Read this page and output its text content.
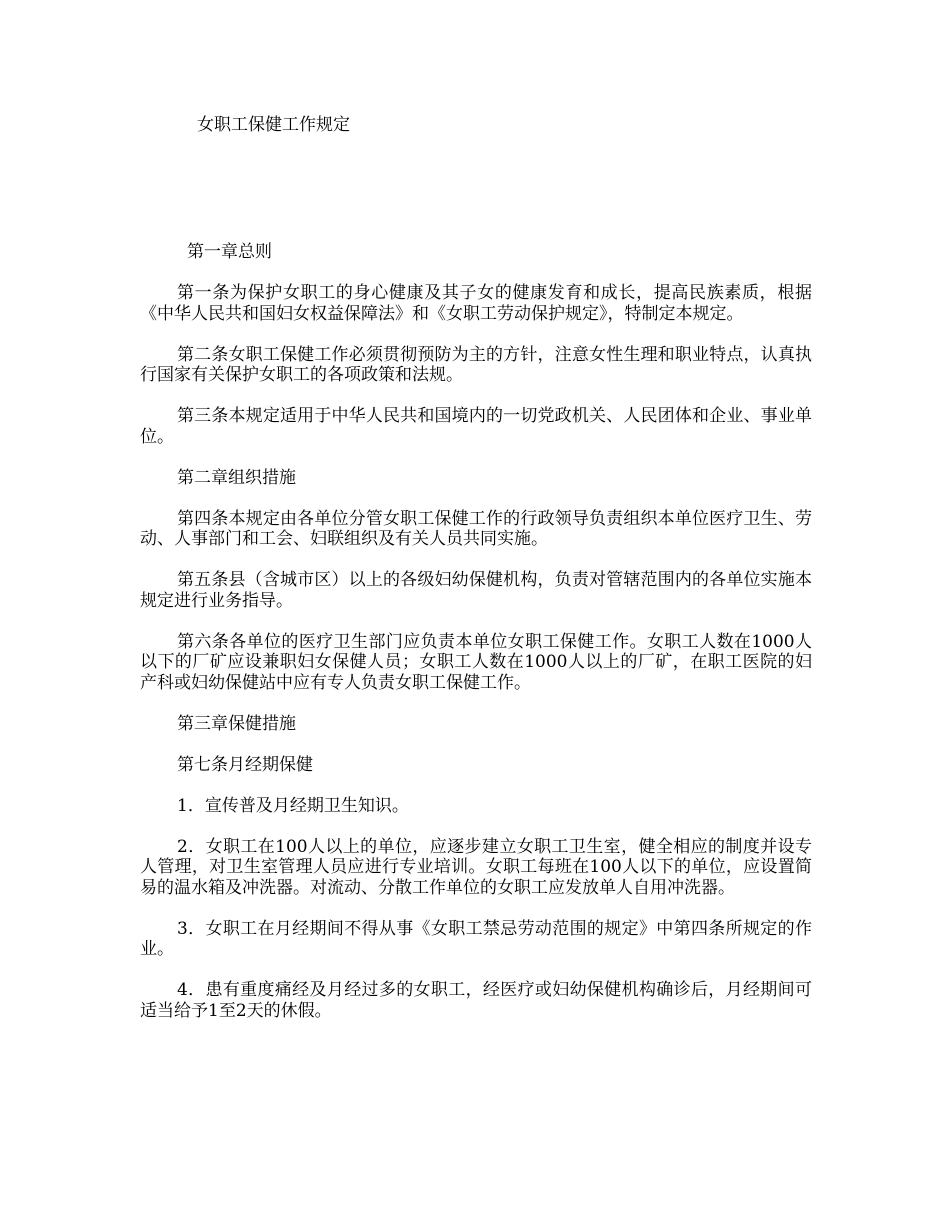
女职工保健工作规定
第一章总则

第一条为保护女职工的身心健康及其子女的健康发育和成长，提高民族素质，根据《中华人民共和国妇女权益保障法》和《女职工劳动保护规定》，特制定本规定。

第二条女职工保健工作必须贯彻预防为主的方针，注意女性生理和职业特点，认真执行国家有关保护女职工的各项政策和法规。

第三条本规定适用于中华人民共和国境内的一切党政机关、人民团体和企业、事业单位。

第二章组织措施

第四条本规定由各单位分管女职工保健工作的行政领导负责组织本单位医疗卫生、劳动、人事部门和工会、妇联组织及有关人员共同实施。

第五条县（含城市区）以上的各级妇幼保健机构，负责对管辖范围内的各单位实施本规定进行业务指导。

第六条各单位的医疗卫生部门应负责本单位女职工保健工作。女职工人数在1000人以下的厂矿应设兼职妇女保健人员；女职工人数在1000人以上的厂矿，在职工医院的妇产科或妇幼保健站中应有专人负责女职工保健工作。

第三章保健措施

第七条月经期保健

1．宣传普及月经期卫生知识。

2．女职工在100人以上的单位，应逐步建立女职工卫生室，健全相应的制度并设专人管理，对卫生室管理人员应进行专业培训。女职工每班在100人以下的单位，应设置简易的温水箱及冲洗器。对流动、分散工作单位的女职工应发放单人自用冲洗器。

3．女职工在月经期间不得从事《女职工禁忌劳动范围的规定》中第四条所规定的作业。

4．患有重度痛经及月经过多的女职工，经医疗或妇幼保健机构确诊后，月经期间可适当给予1至2天的休假。
